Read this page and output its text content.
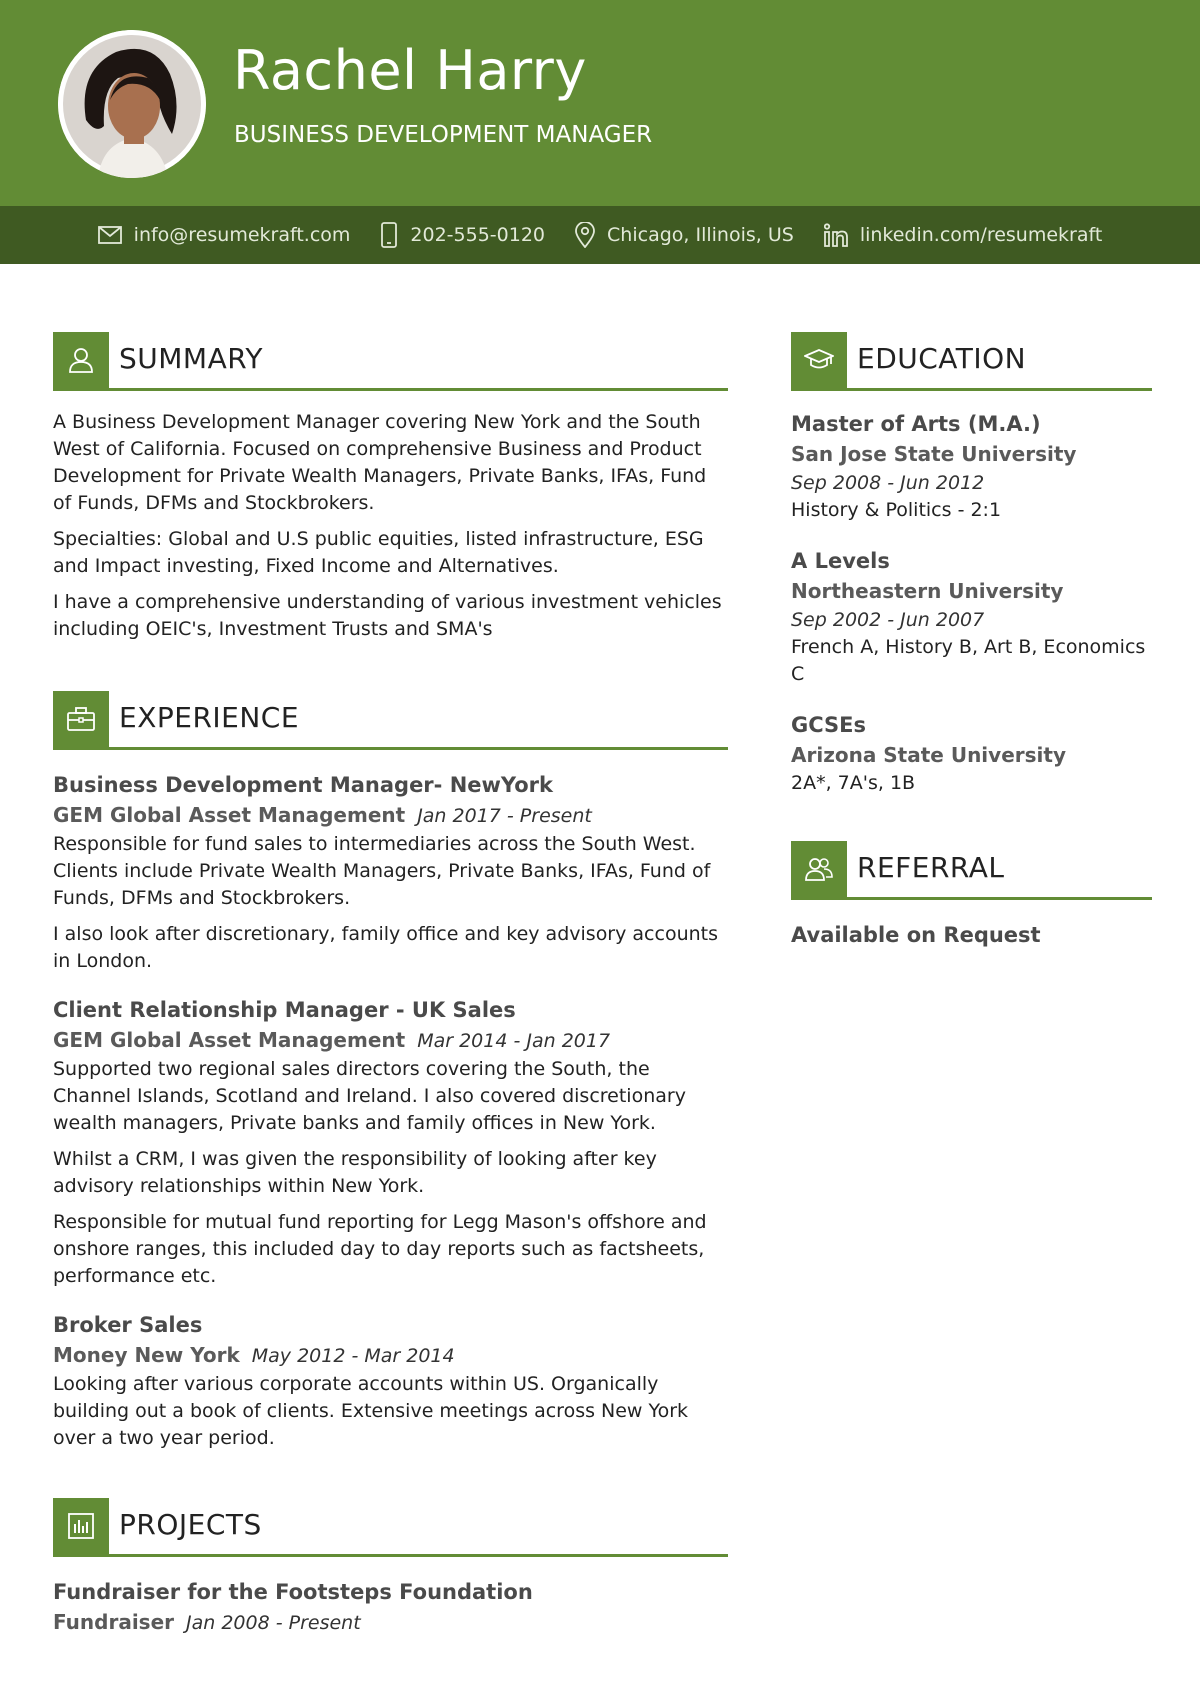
Rachel Harry
BUSINESS DEVELOPMENT MANAGER
info@resumekraft.com	202-555-0120	Chicago, Illinois, US	linkedin.com/resumekraft
SUMMARY

A Business Development Manager covering New York and the South West of California. Focused on comprehensive Business and Product Development for Private Wealth Managers, Private Banks, IFAs, Fund of Funds, DFMs and Stockbrokers.

Specialties: Global and U.S public equities, listed infrastructure, ESG and Impact investing, Fixed Income and Alternatives.

I have a comprehensive understanding of various investment vehicles including OEIC's, Investment Trusts and SMA's

EXPERIENCE
Business Development Manager- NewYork
GEM Global Asset Management Jan 2017 - Present

Responsible for fund sales to intermediaries across the South West. Clients include Private Wealth Managers, Private Banks, IFAs, Fund of Funds, DFMs and Stockbrokers.

I also look after discretionary, family office and key advisory accounts in London.

Client Relationship Manager - UK Sales
GEM Global Asset Management Mar 2014 - Jan 2017

Supported two regional sales directors covering the South, the Channel Islands, Scotland and Ireland. I also covered discretionary wealth managers, Private banks and family offices in New York.

Whilst a CRM, I was given the responsibility of looking after key advisory relationships within New York.

Responsible for mutual fund reporting for Legg Mason's offshore and onshore ranges, this included day to day reports such as factsheets, performance etc.

Broker Sales
Money New York May 2012 - Mar 2014

Looking after various corporate accounts within US. Organically building out a book of clients. Extensive meetings across New York over a two year period.

PROJECTS
Fundraiser for the Footsteps Foundation
Fundraiser Jan 2008 - Present
EDUCATION
Master of Arts (M.A.)
San Jose State University
Sep 2008 - Jun 2012
History & Politics - 2:1
A Levels
Northeastern University
Sep 2002 - Jun 2007
French A, History B, Art B, Economics C
GCSEs
Arizona State University
2A*, 7A's, 1B
REFERRAL
Available on Request
